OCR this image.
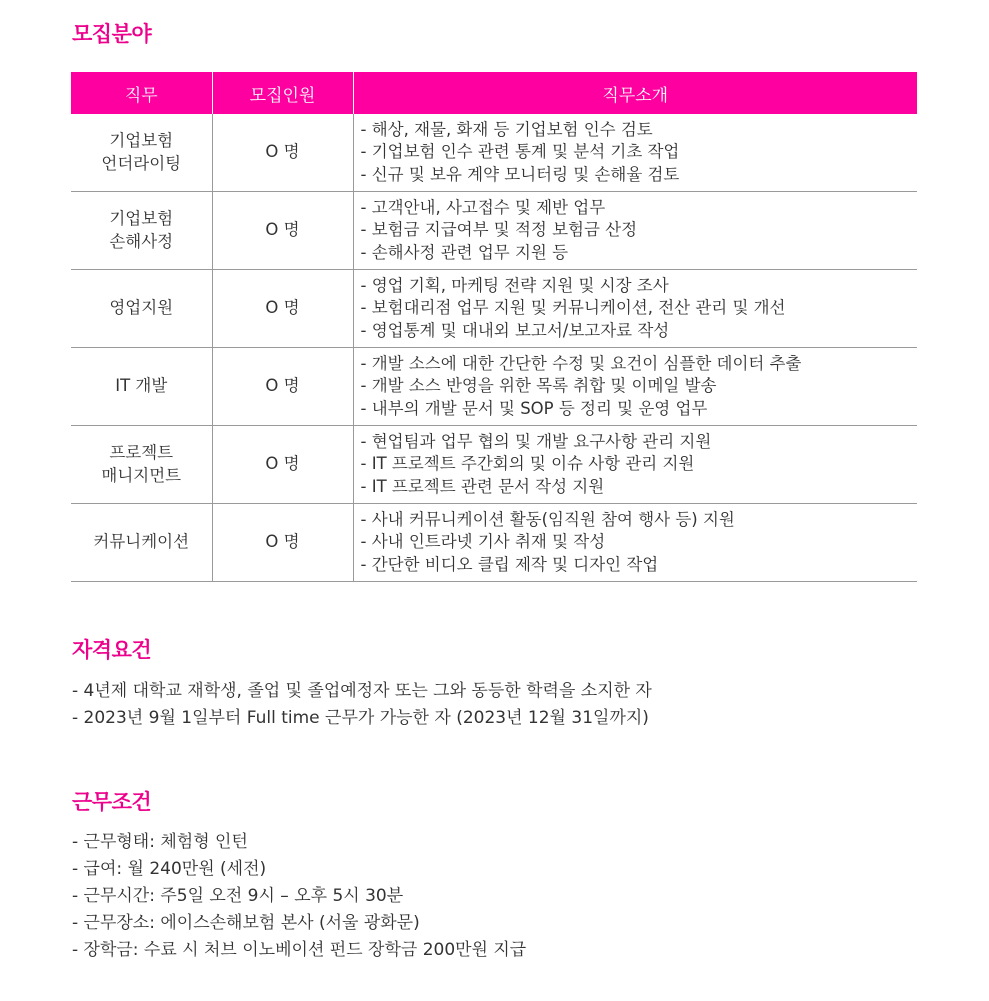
모집분야
직무	모집인원	직무소개

기업보험
언더라이팅	O 명	- 해상, 재물, 화재 등 기업보험 인수 검토
- 기업보험 인수 관련 통계 및 분석 기초 작업
- 신규 및 보유 계약 모니터링 및 손해율 검토

기업보험
손해사정	O 명	- 고객안내, 사고접수 및 제반 업무
- 보험금 지급여부 및 적정 보험금 산정
- 손해사정 관련 업무 지원 등

영업지원	O 명	- 영업 기획, 마케팅 전략 지원 및 시장 조사
- 보험대리점 업무 지원 및 커뮤니케이션, 전산 관리 및 개선
- 영업통계 및 대내외 보고서/보고자료 작성

IT 개발	O 명	- 개발 소스에 대한 간단한 수정 및 요건이 심플한 데이터 추출
- 개발 소스 반영을 위한 목록 취합 및 이메일 발송
- 내부의 개발 문서 및 SOP 등 정리 및 운영 업무

프로젝트
매니지먼트	O 명	- 현업팀과 업무 협의 및 개발 요구사항 관리 지원
- IT 프로젝트 주간회의 및 이슈 사항 관리 지원
- IT 프로젝트 관련 문서 작성 지원

커뮤니케이션	O 명	- 사내 커뮤니케이션 활동(임직원 참여 행사 등) 지원
- 사내 인트라넷 기사 취재 및 작성
- 간단한 비디오 클립 제작 및 디자인 작업
자격요건
- 4년제 대학교 재학생, 졸업 및 졸업예정자 또는 그와 동등한 학력을 소지한 자
- 2023년 9월 1일부터 Full time 근무가 가능한 자 (2023년 12월 31일까지)
근무조건
- 근무형태: 체험형 인턴
- 급여: 월 240만원 (세전)
- 근무시간: 주5일 오전 9시 – 오후 5시 30분
- 근무장소: 에이스손해보험 본사 (서울 광화문)
- 장학금: 수료 시 처브 이노베이션 펀드 장학금 200만원 지급
